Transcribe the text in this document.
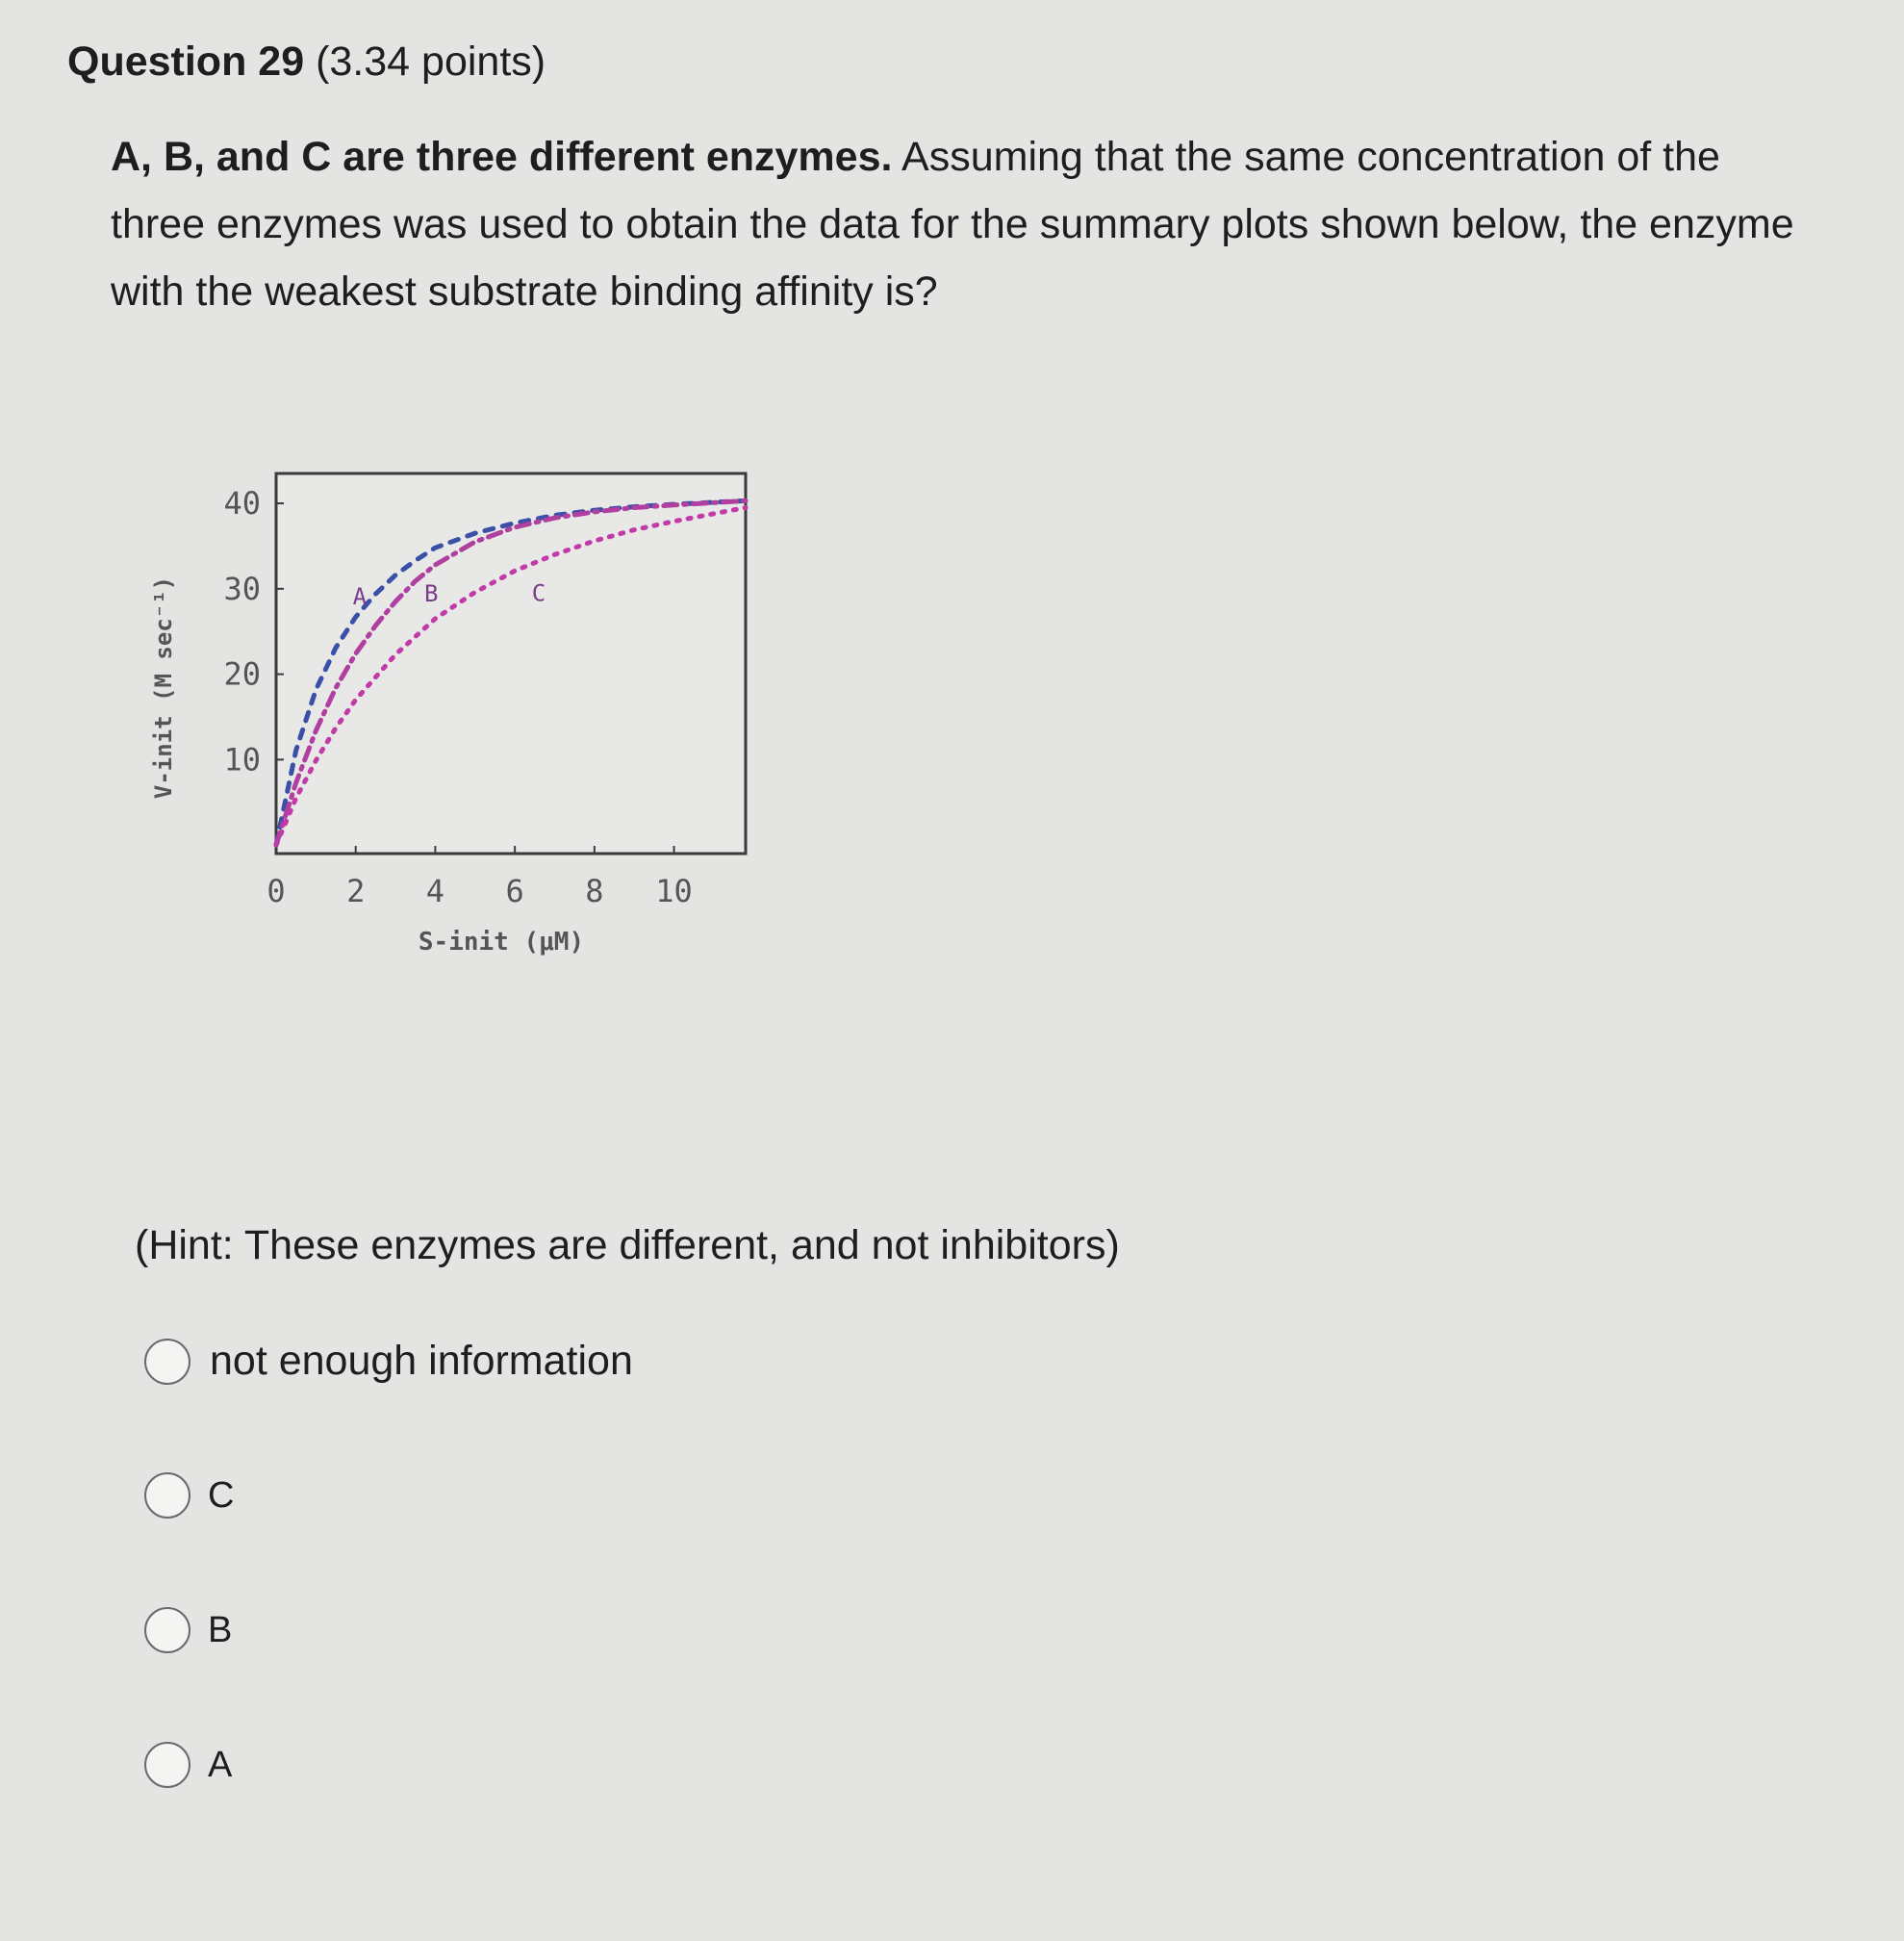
Question 29 (3.34 points)

A, B, and C are three different enzymes. Assuming that the same concentration of the three enzymes was used to obtain the data for the summary plots shown below, the enzyme with the weakest substrate binding affinity is?

0 2 4 6 8 10
10
20
30
40
S-init (μM)
V-init (M sec⁻¹)	A B	C

(Hint: These enzymes are different, and not inhibitors)

not enough information
C
B
A
